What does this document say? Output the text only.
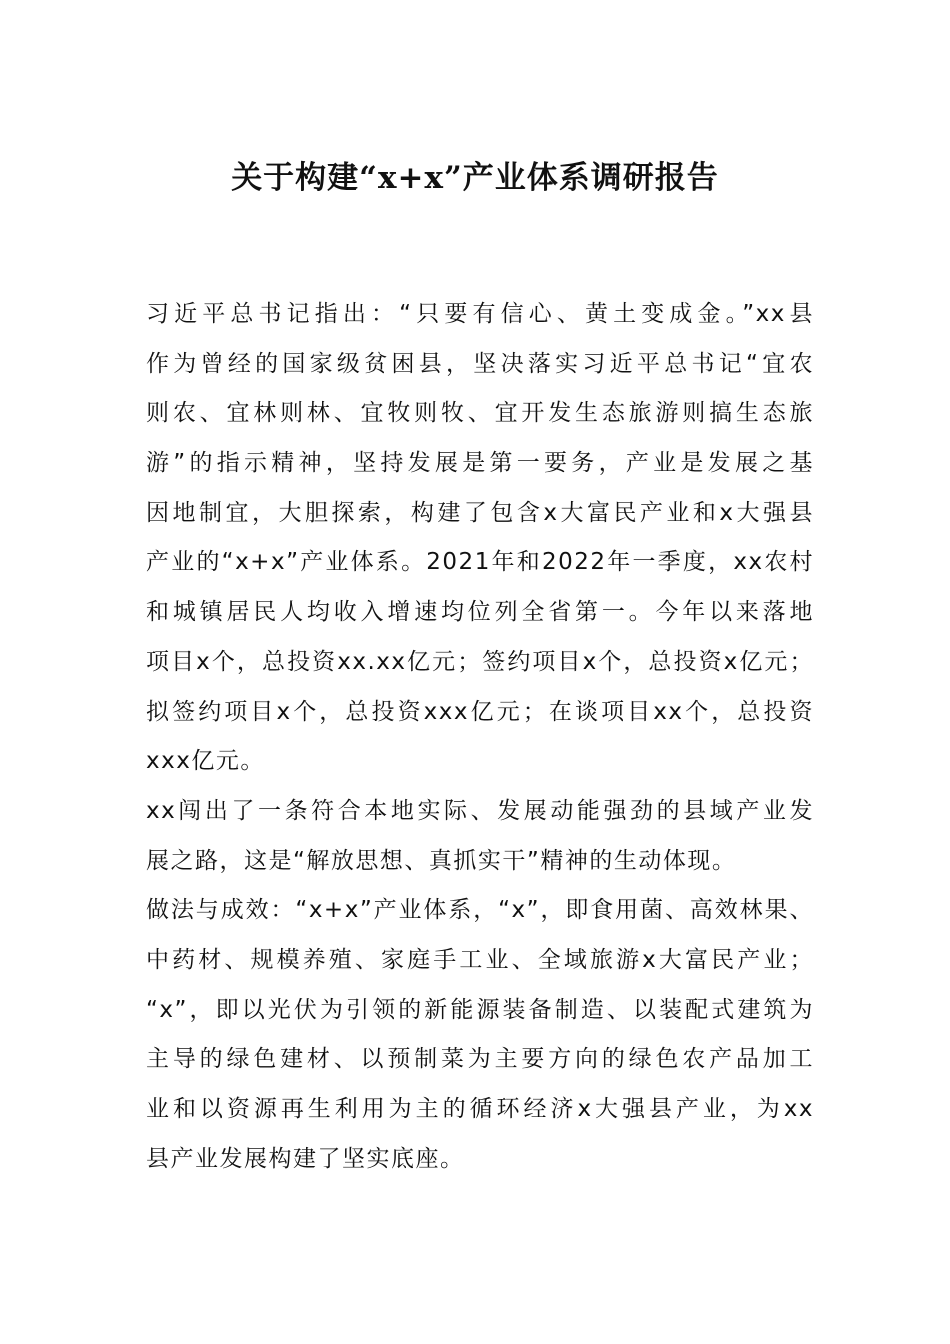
关于构建“x+x”产业体系调研报告
习近平总书记指出：“只要有信心、黄土变成金。”xx县
作为曾经的国家级贫困县，坚决落实习近平总书记“宜农
则农、宜林则林、宜牧则牧、宜开发生态旅游则搞生态旅
游”的指示精神，坚持发展是第一要务，产业是发展之基
因地制宜，大胆探索，构建了包含x大富民产业和x大强县
产业的“x+x”产业体系。2021年和2022年一季度，xx农村
和城镇居民人均收入增速均位列全省第一。今年以来落地
项目x个，总投资xx.xx亿元；签约项目x个，总投资x亿元；
拟签约项目x个，总投资xxx亿元；在谈项目xx个，总投资
xxx亿元。
xx闯出了一条符合本地实际、发展动能强劲的县域产业发
展之路，这是“解放思想、真抓实干”精神的生动体现。
做法与成效：“x+x”产业体系，“x”，即食用菌、高效林果、
中药材、规模养殖、家庭手工业、全域旅游x大富民产业；
“x”，即以光伏为引领的新能源装备制造、以装配式建筑为
主导的绿色建材、以预制菜为主要方向的绿色农产品加工
业和以资源再生利用为主的循环经济x大强县产业，为xx
县产业发展构建了坚实底座。
